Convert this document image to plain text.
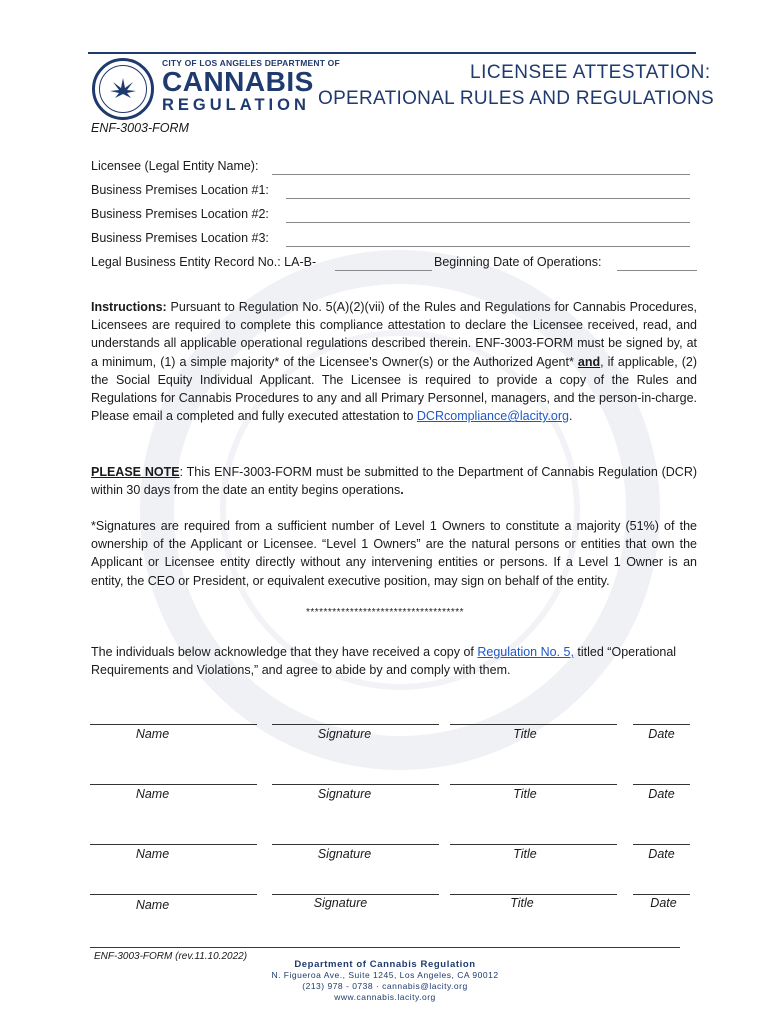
CITY OF LOS ANGELES DEPARTMENT OF
CANNABIS
REGULATION
LICENSEE ATTESTATION:
OPERATIONAL RULES AND REGULATIONS
ENF-3003-FORM
Licensee (Legal Entity Name):
Business Premises Location #1:
Business Premises Location #2:
Business Premises Location #3:
Legal Business Entity Record No.: LA-B-	Beginning Date of Operations:
Instructions: Pursuant to Regulation No. 5(A)(2)(vii) of the Rules and Regulations for Cannabis Procedures, Licensees are required to complete this compliance attestation to declare the Licensee received, read, and understands all applicable operational regulations described therein. ENF-3003-FORM must be signed by, at a minimum, (1) a simple majority* of the Licensee's Owner(s) or the Authorized Agent* and, if applicable, (2) the Social Equity Individual Applicant. The Licensee is required to provide a copy of the Rules and Regulations for Cannabis Procedures to any and all Primary Personnel, managers, and the person-in-charge. Please email a completed and fully executed attestation to DCRcompliance@lacity.org.
PLEASE NOTE: This ENF-3003-FORM must be submitted to the Department of Cannabis Regulation (DCR) within 30 days from the date an entity begins operations.
*Signatures are required from a sufficient number of Level 1 Owners to constitute a majority (51%) of the ownership of the Applicant or Licensee. “Level 1 Owners” are the natural persons or entities that own the Applicant or Licensee entity directly without any intervening entities or persons. If a Level 1 Owner is an entity, the CEO or President, or equivalent executive position, may sign on behalf of the entity.
************************************
The individuals below acknowledge that they have received a copy of Regulation No. 5, titled “Operational Requirements and Violations,” and agree to abide by and comply with them.
Name	Signature	Title	Date
Name	Signature	Title	Date
Name	Signature	Title	Date
Name	Signature	Title	Date
ENF-3003-FORM (rev.11.10.2022)
Department of Cannabis Regulation
N. Figueroa Ave., Suite 1245, Los Angeles, CA 90012
(213) 978 - 0738 · cannabis@lacity.org
www.cannabis.lacity.org
